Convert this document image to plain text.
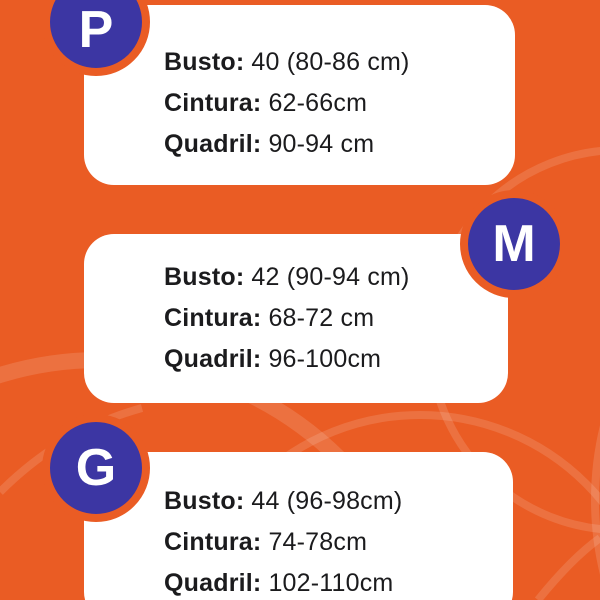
Busto: 40 (80-86 cm)
Cintura: 62-66cm
Quadril: 90-94 cm
Busto: 42 (90-94 cm)
Cintura: 68-72 cm
Quadril: 96-100cm
Busto: 44 (96-98cm)
Cintura: 74-78cm
Quadril: 102-110cm
P
M
G
